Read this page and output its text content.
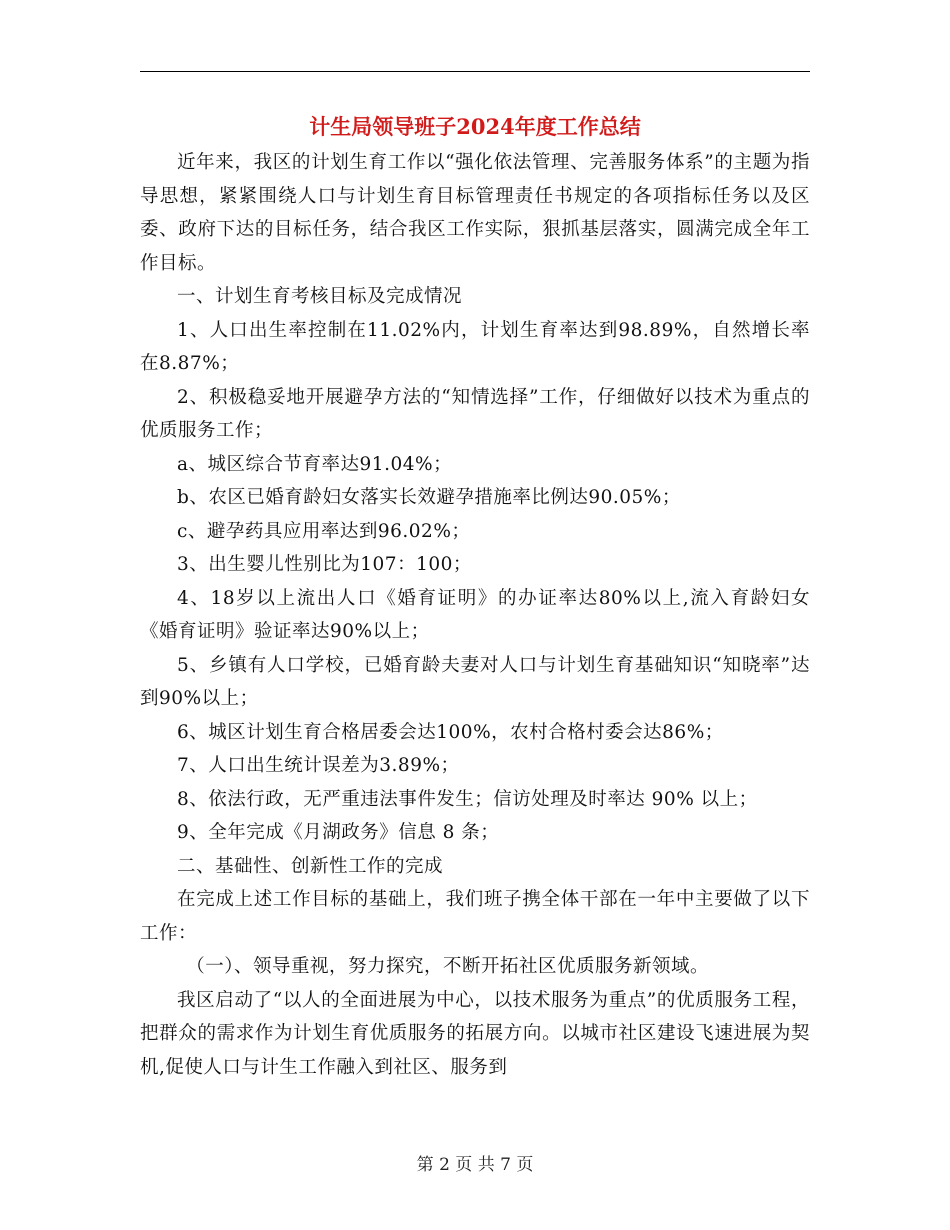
计生局领导班子2024年度工作总结

近年来，我区的计划生育工作以“强化依法管理、完善服务体系”的主题为指导思想，紧紧围绕人口与计划生育目标管理责任书规定的各项指标任务以及区委、政府下达的目标任务，结合我区工作实际，狠抓基层落实，圆满完成全年工作目标。

一、计划生育考核目标及完成情况

1、人口出生率控制在11.02%内，计划生育率达到98.89%，自然增长率在8.87%；

2、积极稳妥地开展避孕方法的“知情选择”工作，仔细做好以技术为重点的优质服务工作；

a、城区综合节育率达91.04%；

b、农区已婚育龄妇女落实长效避孕措施率比例达90.05%；

c、避孕药具应用率达到96.02%；

3、出生婴儿性别比为107：100；

4、18岁以上流出人口《婚育证明》的办证率达80%以上,流入育龄妇女《婚育证明》验证率达90%以上；

5、乡镇有人口学校，已婚育龄夫妻对人口与计划生育基础知识“知晓率”达到90%以上；

6、城区计划生育合格居委会达100%，农村合格村委会达86%；

7、人口出生统计误差为3.89%；

8、依法行政，无严重违法事件发生；信访处理及时率达 90% 以上；

9、全年完成《月湖政务》信息 8 条；

二、基础性、创新性工作的完成

在完成上述工作目标的基础上，我们班子携全体干部在一年中主要做了以下工作：

（一）、领导重视，努力探究，不断开拓社区优质服务新领域。

我区启动了“以人的全面进展为中心，以技术服务为重点”的优质服务工程，把群众的需求作为计划生育优质服务的拓展方向。以城市社区建设飞速进展为契机,促使人口与计生工作融入到社区、服务到

第 2 页 共 7 页
